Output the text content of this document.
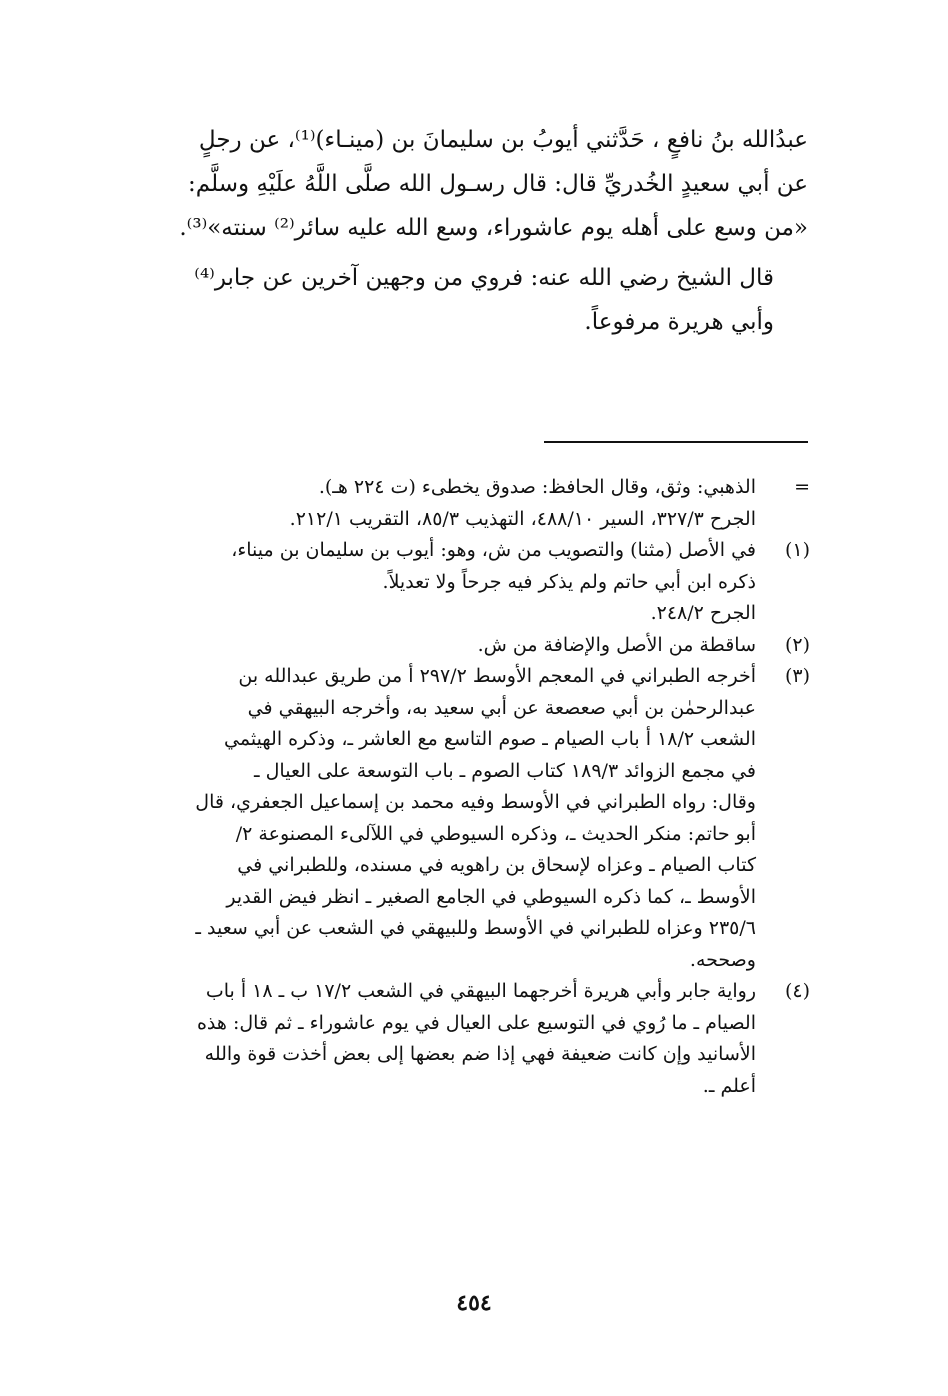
عبدُالله بنُ نافعٍ ، حَدَّثني أيوبُ بن سليمانَ بن (مينـاء)⁽¹⁾، عن رجلٍ
عن أبي سعيدٍ الخُدريِّ قال: قال رسـول الله صلَّى اللَّهُ علَيْهِ وسلَّم:
«من وسع على أهله يوم عاشوراء، وسع الله عليه سائر⁽²⁾ سنته»⁽³⁾.

قال الشيخ رضي الله عنه: فروي من وجهين آخرين عن جابر⁽⁴⁾
وأبي هريرة مرفوعاً.

=
الذهبي: وثق، وقال الحافظ: صدوق يخطىء (ت ٢٢٤ هـ).
الجرح ٣٢٧/٣، السير ٤٨٨/١٠، التهذيب ٨٥/٣، التقريب ٢١٢/١.
(١)
في الأصل (مثنا) والتصويب من ش، وهو: أيوب بن سليمان بن ميناء،
ذكره ابن أبي حاتم ولم يذكر فيه جرحاً ولا تعديلاً.
الجرح ٢٤٨/٢.
(٢)
ساقطة من الأصل والإضافة من ش.
(٣)
أخرجه الطبراني في المعجم الأوسط ٢٩٧/٢ أ من طريق عبدالله بن
عبدالرحمٰن بن أبي صعصعة عن أبي سعيد به، وأخرجه البيهقي في
الشعب ١٨/٢ أ باب الصيام ـ صوم التاسع مع العاشر ـ، وذكره الهيثمي
في مجمع الزوائد ١٨٩/٣ كتاب الصوم ـ باب التوسعة على العيال ـ
وقال: رواه الطبراني في الأوسط وفيه محمد بن إسماعيل الجعفري، قال
أبو حاتم: منكر الحديث ـ، وذكره السيوطي في اللآلىء المصنوعة ٢/
كتاب الصيام ـ وعزاه لإسحاق بن راهويه في مسنده، وللطبراني في
الأوسط ـ، كما ذكره السيوطي في الجامع الصغير ـ انظر فيض القدير
٢٣٥/٦ وعزاه للطبراني في الأوسط وللبيهقي في الشعب عن أبي سعيد ـ
وصححه.
(٤)
رواية جابر وأبي هريرة أخرجهما البيهقي في الشعب ١٧/٢ ب ـ ١٨ أ باب
الصيام ـ ما رُوي في التوسيع على العيال في يوم عاشوراء ـ ثم قال: هذه
الأسانيد وإن كانت ضعيفة فهي إذا ضم بعضها إلى بعض أخذت قوة والله
أعلم ـ.
٤٥٤
